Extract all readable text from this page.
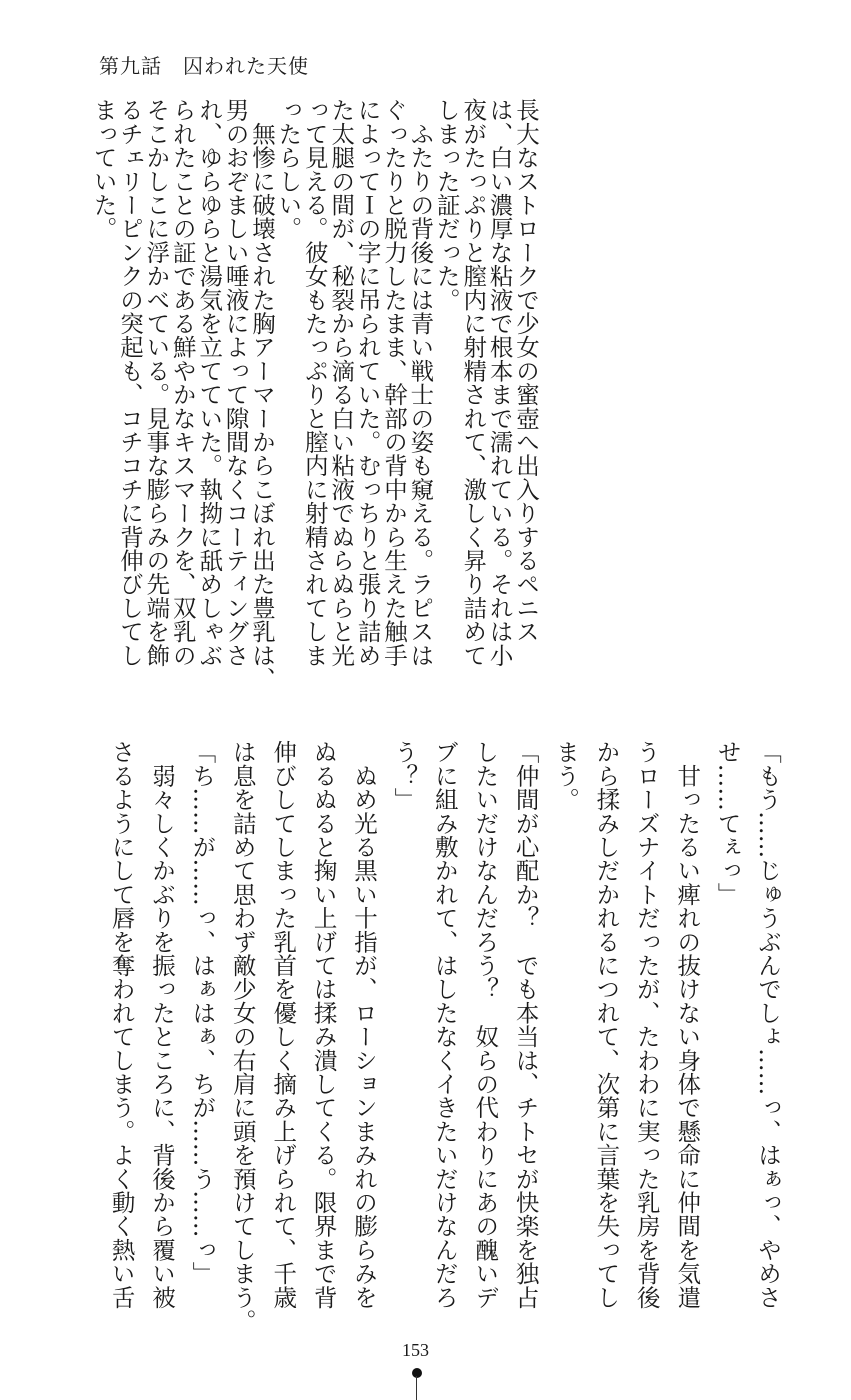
第九話　囚われた天使
長大なストロークで少女の蜜壺へ出入りするペニス
は、白い濃厚な粘液で根本まで濡れている。それは小
夜がたっぷりと膣内に射精されて、激しく昇り詰めて
しまった証だった。
　ふたりの背後には青い戦士の姿も窺える。ラピスは
ぐったりと脱力したまま、幹部の背中から生えた触手
によってＩの字に吊られていた。むっちりと張り詰め
た太腿の間が、秘裂から滴る白い粘液でぬらぬらと光
って見える。彼女もたっぷりと膣内に射精されてしま
ったらしい。
　無惨に破壊された胸アーマーからこぼれ出た豊乳は、
男のおぞましい唾液によって隙間なくコーティングさ
れ、ゆらゆらと湯気を立てていた。執拗に舐めしゃぶ
られたことの証である鮮やかなキスマークを、双乳の
そこかしこに浮かべている。見事な膨らみの先端を飾
るチェリーピンクの突起も、コチコチに背伸びしてし
まっていた。
「もう……じゅうぶんでしょ……っ、はぁっ、やめさ
せ……てぇっ」
　甘ったるい痺れの抜けない身体で懸命に仲間を気遣
うローズナイトだったが、たわわに実った乳房を背後
から揉みしだかれるにつれて、次第に言葉を失ってし
まう。
「仲間が心配か？　でも本当は、チトセが快楽を独占
したいだけなんだろう？　奴らの代わりにあの醜いデ
ブに組み敷かれて、はしたなくイきたいだけなんだろ
う？」
　ぬめ光る黒い十指が、ローションまみれの膨らみを
ぬるぬると掬い上げては揉み潰してくる。限界まで背
伸びしてしまった乳首を優しく摘み上げられて、千歳
は息を詰めて思わず敵少女の右肩に頭を預けてしまう。
「ち……が……っ、はぁはぁ、ちが……う……っ」
　弱々しくかぶりを振ったところに、背後から覆い被
さるようにして唇を奪われてしまう。よく動く熱い舌
153
